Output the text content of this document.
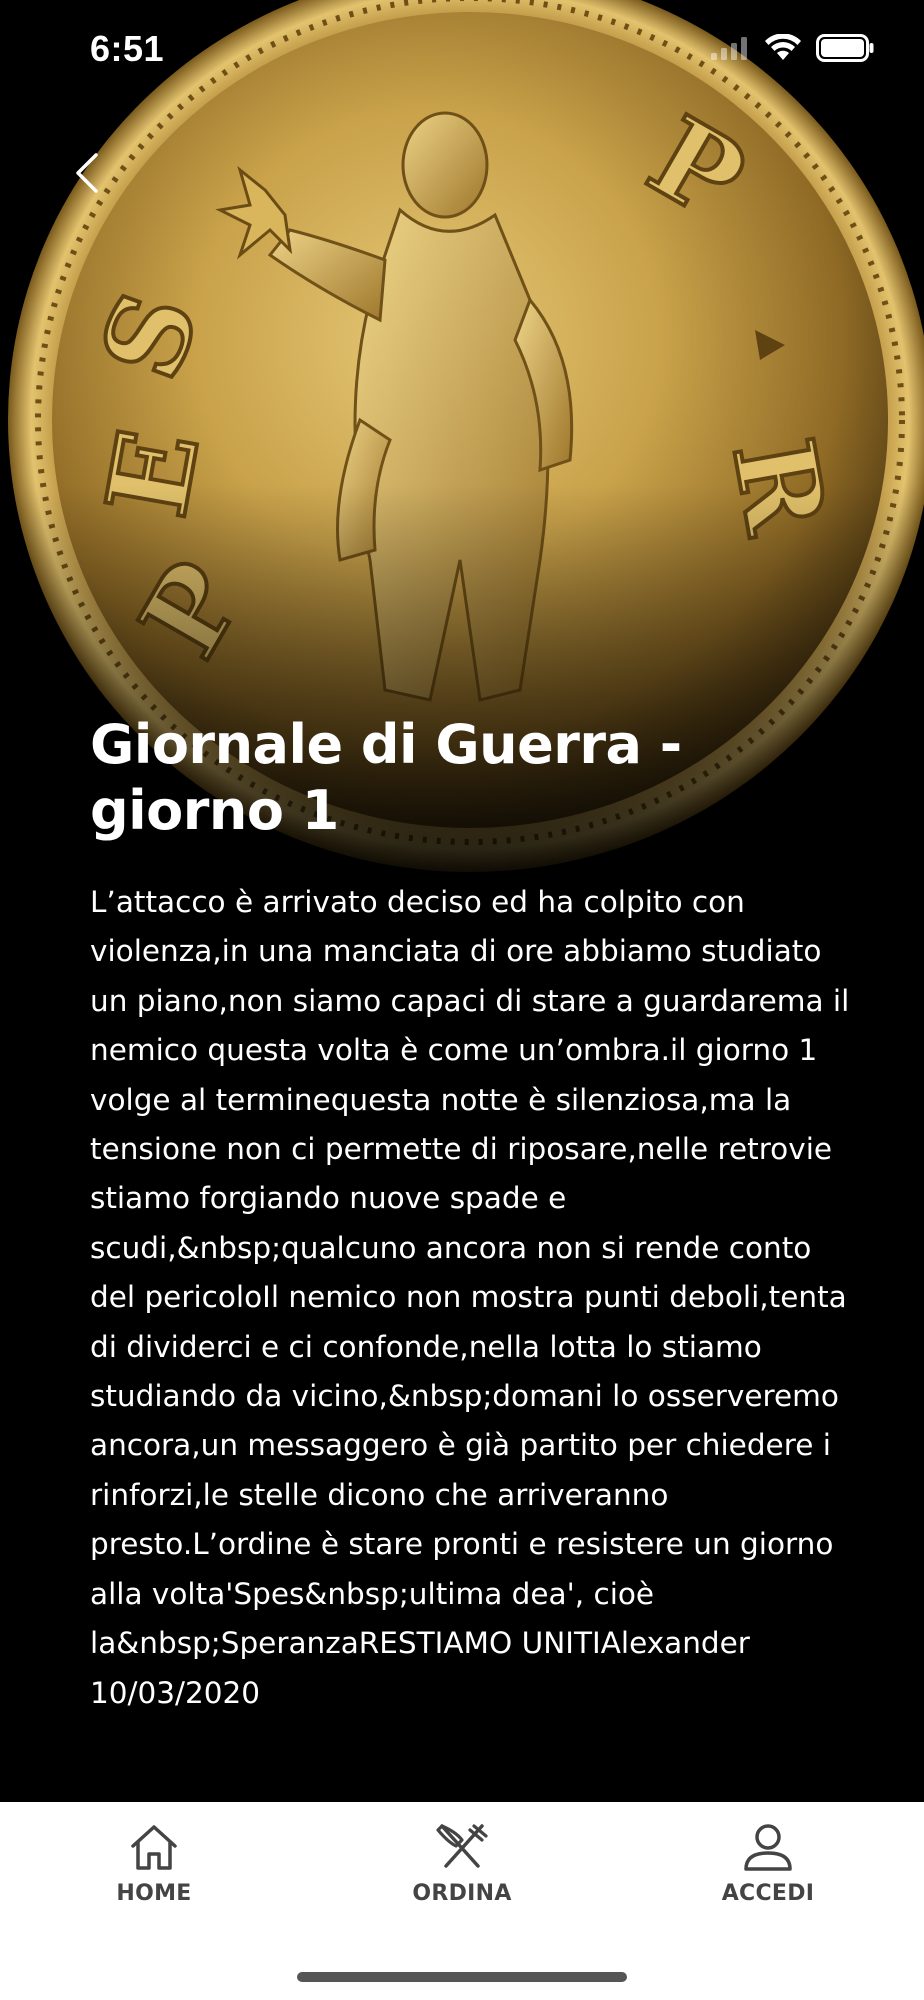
6:51
Giornale di Guerra - giorno 1

L’attacco è arrivato deciso ed ha colpito con violenza,in una manciata di ore abbiamo studiato un piano,non siamo capaci di stare a guardarema il nemico questa volta è come un’ombra.il giorno 1 volge al terminequesta notte è silenziosa,ma la tensione non ci permette di riposare,nelle retrovie stiamo forgiando nuove spade e scudi,&nbsp;qualcuno ancora non si rende conto del pericoloIl nemico non mostra punti deboli,tenta di dividerci e ci confonde,nella lotta lo stiamo studiando da vicino,&nbsp;domani lo osserveremo ancora,un messaggero è già partito per chiedere i rinforzi,le stelle dicono che arriveranno presto.L’ordine è stare pronti e resistere un giorno alla volta'Spes&nbsp;ultima dea', cioè la&nbsp;SperanzaRESTIAMO UNITIAlexander 10/03/2020

HOME	ORDINA	ACCEDI
